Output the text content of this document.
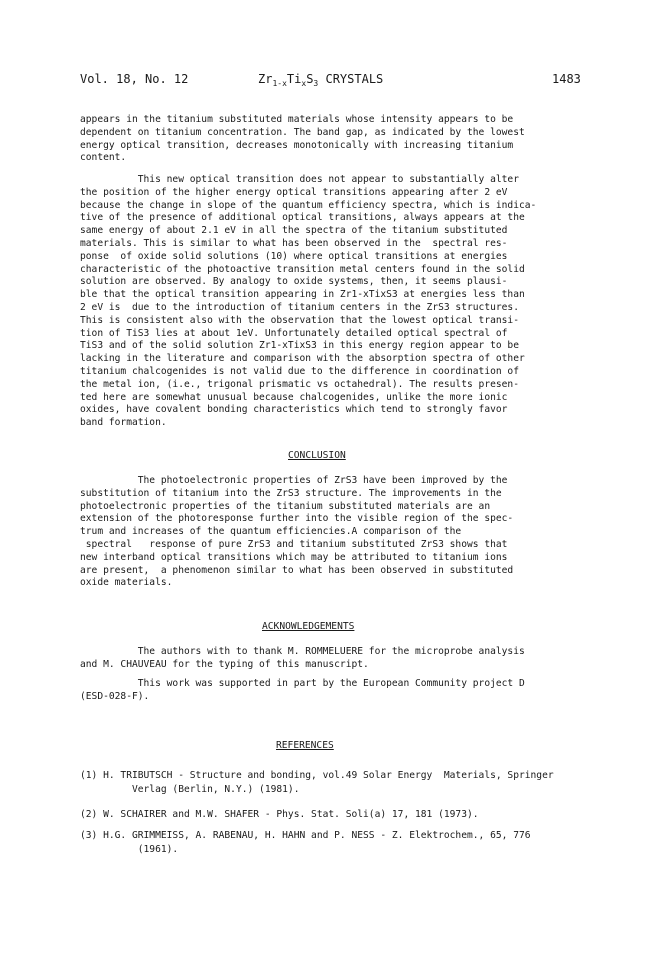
Vol. 18, No. 12	$Zr_{1-x}Ti_xS_3$ CRYSTALS	1483

appears in the titanium substituted materials whose intensity appears to be
dependent on titanium concentration. The band gap, as indicated by the lowest
energy optical transition, decreases monotonically with increasing titanium
content.

This new optical transition does not appear to substantially alter
the position of the higher energy optical transitions appearing after 2 eV
because the change in slope of the quantum efficiency spectra, which is indica-
tive of the presence of additional optical transitions, always appears at the
same energy of about 2.1 eV in all the spectra of the titanium substituted
materials. This is similar to what has been observed in the  spectral res-
ponse  of oxide solid solutions (10) where optical transitions at energies
characteristic of the photoactive transition metal centers found in the solid
solution are observed. By analogy to oxide systems, then, it seems plausi-
ble that the optical transition appearing in Zr1-xTixS3 at energies less than
2 eV is  due to the introduction of titanium centers in the ZrS3 structures.
This is consistent also with the observation that the lowest optical transi-
tion of TiS3 lies at about 1eV. Unfortunately detailed optical spectral of
TiS3 and of the solid solution Zr1-xTixS3 in this energy region appear to be
lacking in the literature and comparison with the absorption spectra of other
titanium chalcogenides is not valid due to the difference in coordination of
the metal ion, (i.e., trigonal prismatic vs octahedral). The results presen-
ted here are somewhat unusual because chalcogenides, unlike the more ionic
oxides, have covalent bonding characteristics which tend to strongly favor
band formation.

CONCLUSION

The photoelectronic properties of ZrS3 have been improved by the
substitution of titanium into the ZrS3 structure. The improvements in the
photoelectronic properties of the titanium substituted materials are an
extension of the photoresponse further into the visible region of the spec-
trum and increases of the quantum efficiencies.A comparison of the
spectral   response of pure ZrS3 and titanium substituted ZrS3 shows that
new interband optical transitions which may be attributed to titanium ions
are present,  a phenomenon similar to what has been observed in substituted
oxide materials.

ACKNOWLEDGEMENTS

The authors with to thank M. ROMMELUERE for the microprobe analysis
and M. CHAUVEAU for the typing of this manuscript.

This work was supported in part by the European Community project D
(ESD-028-F).

REFERENCES

(1) H. TRIBUTSCH - Structure and bonding, vol.49 Solar Energy  Materials, Springer
Verlag (Berlin, N.Y.) (1981).

(2) W. SCHAIRER and M.W. SHAFER - Phys. Stat. Soli(a) 17, 181 (1973).

(3) H.G. GRIMMEISS, A. RABENAU, H. HAHN and P. NESS - Z. Elektrochem., 65, 776
(1961).
